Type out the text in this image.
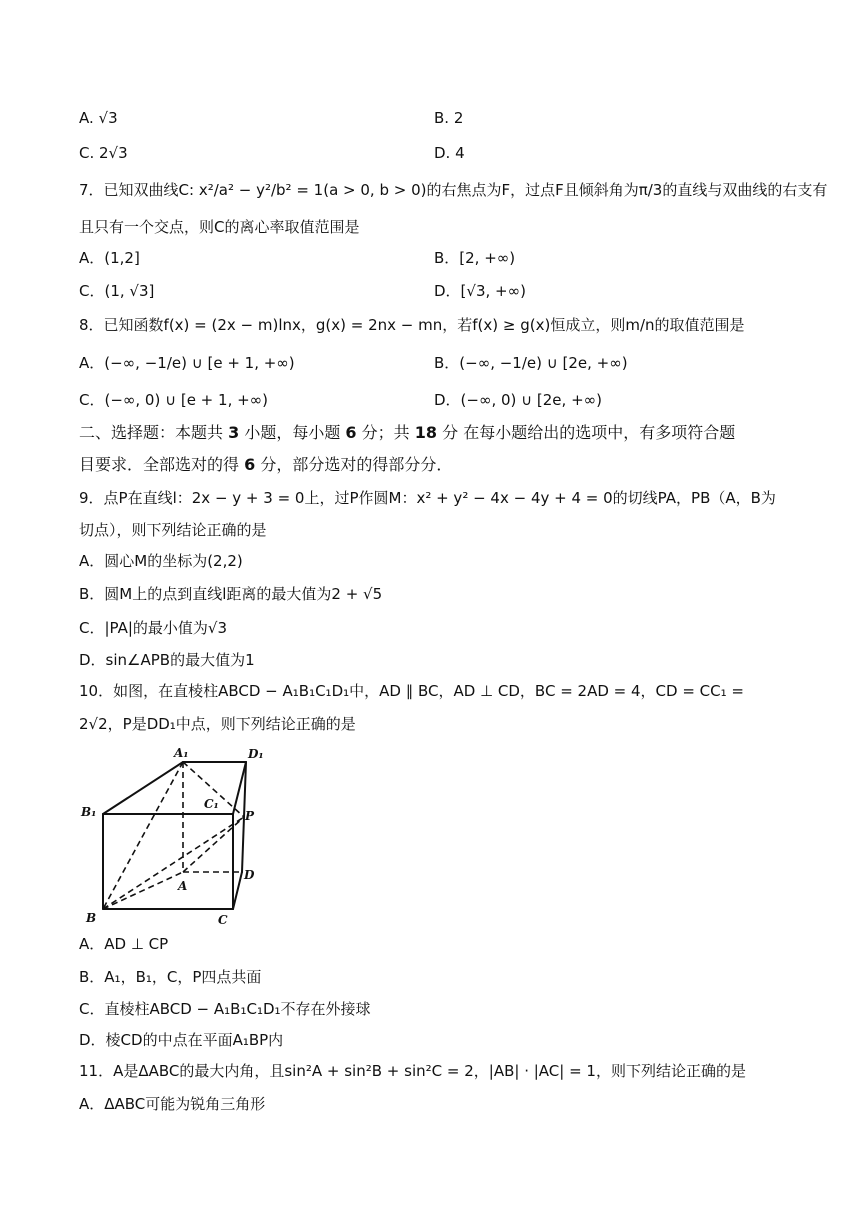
A. √3	B. 2
C. 2√3	D. 4
7．已知双曲线C: x²/a² − y²/b² = 1(a > 0, b > 0)的右焦点为F，过点F且倾斜角为π/3的直线与双曲线的右支有
且只有一个交点，则C的离心率取值范围是
A．(1,2]	B．[2, +∞)
C．(1, √3]	D．[√3, +∞)
8．已知函数f(x) = (2x − m)lnx，g(x) = 2nx − mn，若f(x) ≥ g(x)恒成立，则m/n的取值范围是
A．(−∞, −1/e) ∪ [e + 1, +∞)	B．(−∞, −1/e) ∪ [2e, +∞)
C．(−∞, 0) ∪ [e + 1, +∞)	D．(−∞, 0) ∪ [2e, +∞)
二、选择题：本题共 3 小题，每小题 6 分；共 18 分 在每小题给出的选项中，有多项符合题
目要求．全部选对的得 6 分，部分选对的得部分分．
9．点P在直线l：2x − y + 3 = 0上，过P作圆M：x² + y² − 4x − 4y + 4 = 0的切线PA，PB（A，B为
切点），则下列结论正确的是
A．圆心M的坐标为(2,2)
B．圆M上的点到直线l距离的最大值为2 + √5
C．|PA|的最小值为√3
D．sin∠APB的最大值为1
10．如图，在直棱柱ABCD − A₁B₁C₁D₁中，AD ∥ BC，AD ⊥ CD，BC = 2AD = 4，CD = CC₁ =
2√2，P是DD₁中点，则下列结论正确的是
A₁	D₁
B₁
C₁
P
A
D
B	C
A．AD ⊥ CP
B．A₁，B₁，C，P四点共面
C．直棱柱ABCD − A₁B₁C₁D₁不存在外接球
D．棱CD的中点在平面A₁BP内
11．A是ΔABC的最大内角，且sin²A + sin²B + sin²C = 2，|AB| · |AC| = 1，则下列结论正确的是
A．ΔABC可能为锐角三角形
